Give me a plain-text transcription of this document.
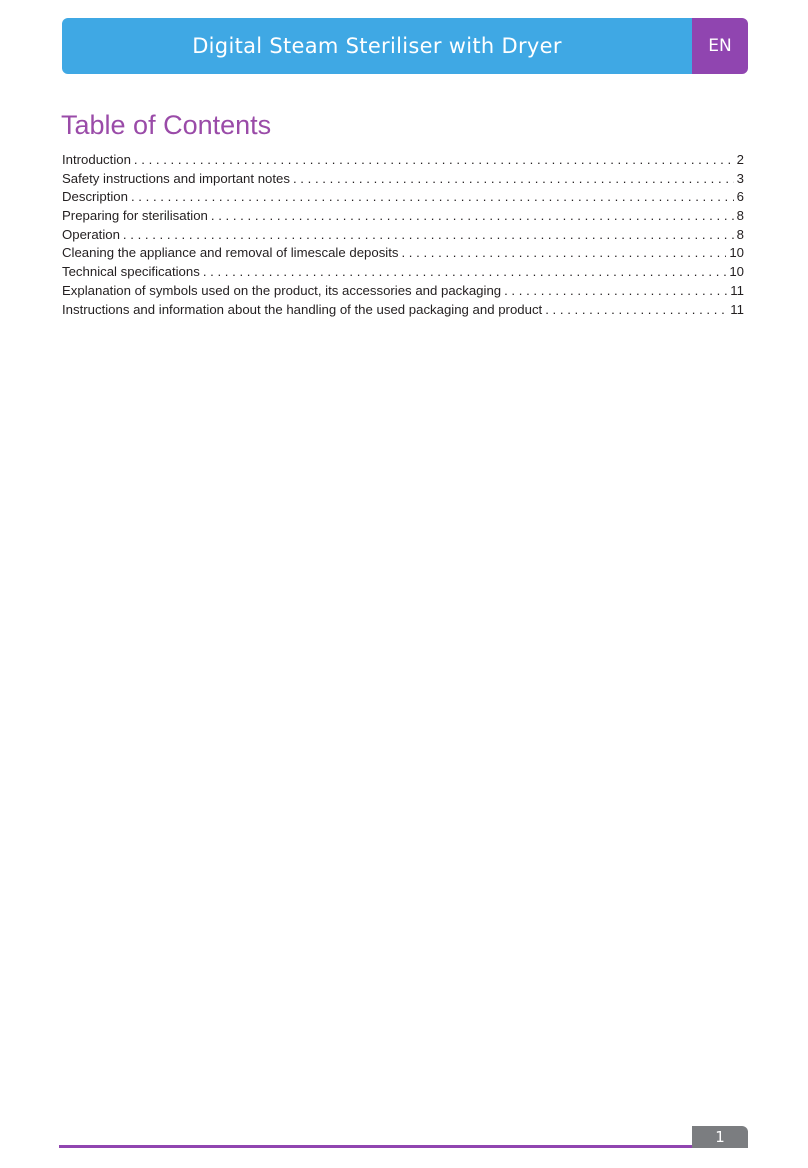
Digital Steam Steriliser with Dryer	EN
Table of Contents
Introduction . . .	2
Safety instructions and important notes . . .	3
Description . . .	6
Preparing for sterilisation . . .	8
Operation . . .	8
Cleaning the appliance and removal of limescale deposits . . .	10
Technical specifications . . .	10
Explanation of symbols used on the product, its accessories and packaging . . .	11
Instructions and information about the handling of the used packaging and product . . .	11
1
